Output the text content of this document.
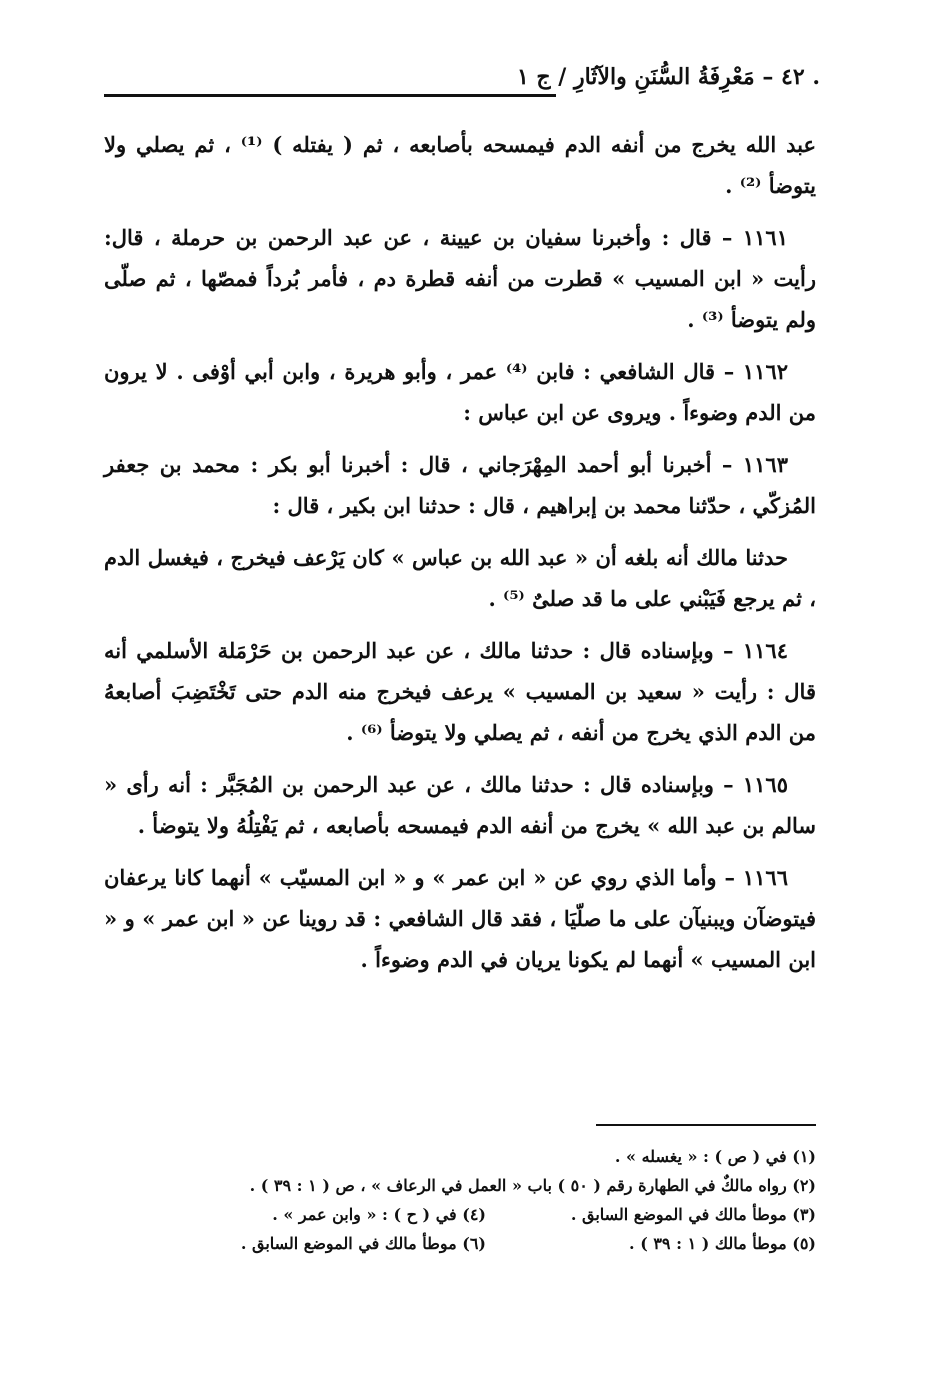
. ٤٢ – مَعْرِفَةُ السُّنَنِ والآثَارِ / ج ١

عبد الله يخرج من أنفه الدم فيمسحه بأصابعه ، ثم ( يفتله ) ⁽¹⁾ ، ثم يصلي ولا يتوضأ ⁽²⁾ .

١١٦١ – قال : وأخبرنا سفيان بن عيينة ، عن عبد الرحمن بن حرملة ، قال: رأيت « ابن المسيب » قطرت من أنفه قطرة دم ، فأمر بُرداً فمصّها ، ثم صلّى ولم يتوضأ ⁽³⁾ .

١١٦٢ – قال الشافعي : فابن ⁽⁴⁾ عمر ، وأبو هريرة ، وابن أبي أوْفى . لا يرون من الدم وضوءاً . ويروى عن ابن عباس :

١١٦٣ – أخبرنا أبو أحمد المِهْرَجاني ، قال : أخبرنا أبو بكر : محمد بن جعفر المُزكّي ، حدّثنا محمد بن إبراهيم ، قال : حدثنا ابن بكير ، قال :

حدثنا مالك أنه بلغه أن « عبد الله بن عباس » كان يَرْعف فيخرج ، فيغسل الدم ، ثم يرجع فَيَبْني على ما قد صلىٌ ⁽⁵⁾ .

١١٦٤ – وبإسناده قال : حدثنا مالك ، عن عبد الرحمن بن حَرْمَلة الأسلمي أنه قال : رأيت « سعيد بن المسيب » يرعف فيخرج منه الدم حتى تَخْتَضِبَ أصابعهُ من الدم الذي يخرج من أنفه ، ثم يصلي ولا يتوضأ ⁽⁶⁾ .

١١٦٥ – وبإسناده قال : حدثنا مالك ، عن عبد الرحمن بن المُجَبَّر : أنه رأى « سالم بن عبد الله » يخرج من أنفه الدم فيمسحه بأصابعه ، ثم يَفْتِلُهُ ولا يتوضأ .

١١٦٦ – وأما الذي روي عن « ابن عمر » و « ابن المسيّب » أنهما كانا يرعفان فيتوضآن ويبنيآن على ما صلّيَا ، فقد قال الشافعي : قد روينا عن « ابن عمر » و « ابن المسيب » أنهما لم يكونا يريان في الدم وضوءاً .

(١) في ( ص ) : « يغسله » .
(٢) رواه مالكٌ في الطهارة رقم ( ٥٠ ) باب « العمل في الرعاف » ، ص ( ١ : ٣٩ ) .
(٣) موطأ مالك في الموضع السابق .
(٤) في ( ح ) : « وابن عمر » .
(٥) موطأ مالك ( ١ : ٣٩ ) .
(٦) موطأ مالك في الموضع السابق .
